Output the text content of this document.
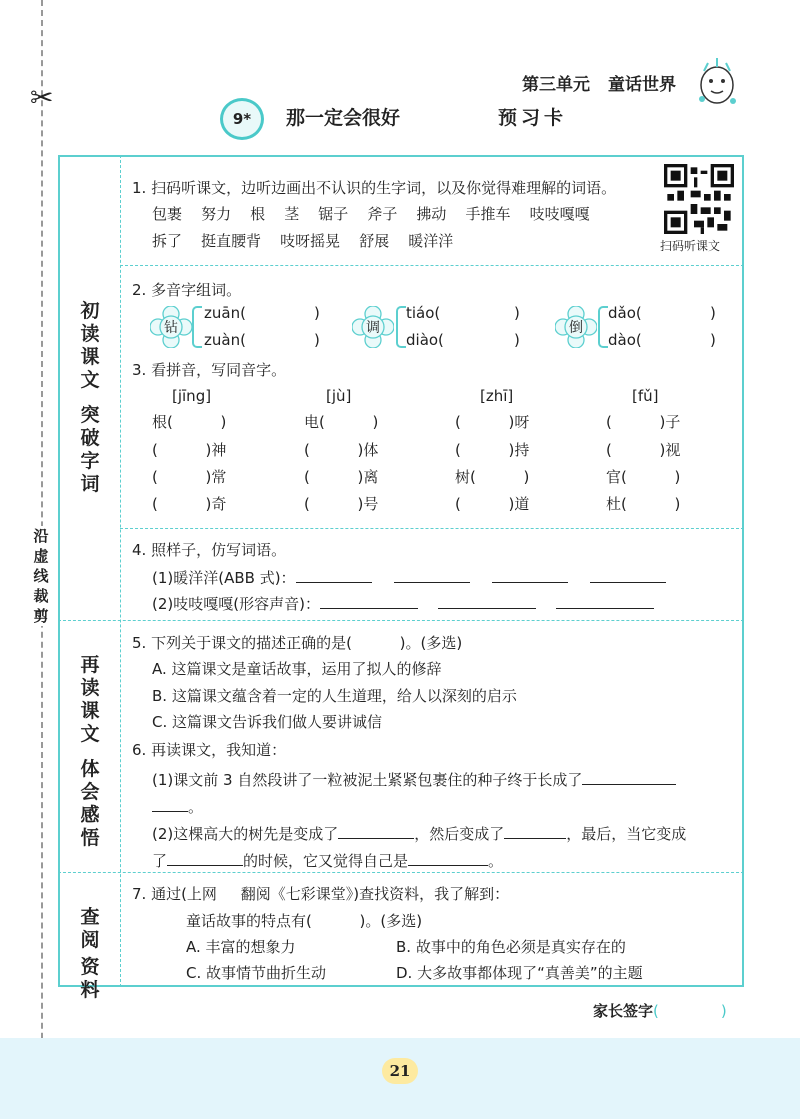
✂
沿
虚
线
裁
剪
第三单元 童话世界
9* 那一定会很好	预习卡
初
读
课
文
突
破
字
词
再
读
课
文
体
会
感
悟
查
阅
资
料
1. 扫码听课文，边听边画出不认识的生字词，以及你觉得难理解的词语。
包裹    努力    根    茎    锯子    斧子    拂动    手推车    吱吱嘎嘎
拆了    挺直腰背    吱呀摇晃    舒展    暖洋洋	扫码听课文
2. 多音字组词。
钻
zuān(	)
zuàn(	)
调
tiáo(	)
diào(	)
倒
dǎo(	)
dào(	)
3. 看拼音，写同音字。
[jīng]	[jù]	[zhī]	[fǔ]
根(          )	电(          )	(          )呀	(          )子
(          )神	(          )体	(          )持	(          )视
(          )常	(          )离	树(          )	官(          )
(          )奇	(          )号	(          )道	杜(          )
4. 照样子，仿写词语。
(1)暖洋洋(ABB 式)：
(2)吱吱嘎嘎(形容声音)：
5. 下列关于课文的描述正确的是(          )。(多选)
A. 这篇课文是童话故事，运用了拟人的修辞
B. 这篇课文蕴含着一定的人生道理，给人以深刻的启示
C. 这篇课文告诉我们做人要讲诚信
6. 再读课文，我知道：
(1)课文前 3 自然段讲了一粒被泥土紧紧包裹住的种子终于长成了
。
(2)这棵高大的树先是变成了	，然后变成了	，最后，当它变成
了	的时候，它又觉得自己是	。
7. 通过(上网     翻阅《七彩课堂》)查找资料，我了解到：
童话故事的特点有(          )。(多选)
A. 丰富的想象力	B. 故事中的角色必须是真实存在的
C. 故事情节曲折生动	D. 大多故事都体现了“真善美”的主题
家长签字(	)
21
